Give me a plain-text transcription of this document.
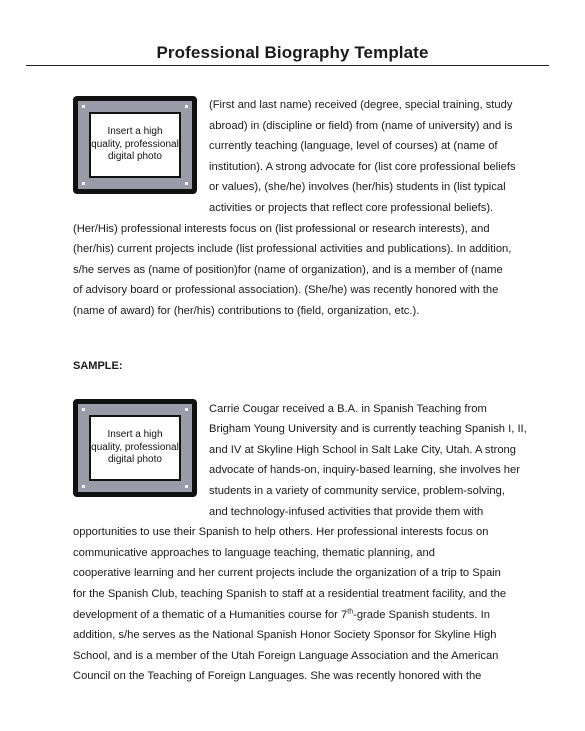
Professional Biography Template
Insert a high quality, professional digital photo
(First and last name) received (degree, special training, study
abroad) in (discipline or field) from (name of university) and is
currently teaching (language, level of courses) at (name of
institution). A strong advocate for (list core professional beliefs
or values), (she/he) involves (her/his) students in (list typical
activities or projects that reflect core professional beliefs).
(Her/His) professional interests focus on (list professional or research interests), and
(her/his) current projects include (list professional activities and publications). In addition,
s/he serves as (name of position)for (name of organization), and is a member of (name
of advisory board or professional association). (She/he) was recently honored with the
(name of award) for (her/his) contributions to (field, organization, etc.).
SAMPLE:
Insert a high quality, professional digital photo
Carrie Cougar received a B.A. in Spanish Teaching from
Brigham Young University and is currently teaching Spanish I, II,
and IV at Skyline High School in Salt Lake City, Utah. A strong
advocate of hands-on, inquiry-based learning, she involves her
students in a variety of community service, problem-solving,
and technology-infused activities that provide them with
opportunities to use their Spanish to help others. Her professional interests focus on
communicative approaches to language teaching, thematic planning, and
cooperative learning and her current projects include the organization of a trip to Spain
for the Spanish Club, teaching Spanish to staff at a residential treatment facility, and the
development of a thematic of a Humanities course for 7th-grade Spanish students. In
addition, s/he serves as the National Spanish Honor Society Sponsor for Skyline High
School, and is a member of the Utah Foreign Language Association and the American
Council on the Teaching of Foreign Languages. She was recently honored with the
